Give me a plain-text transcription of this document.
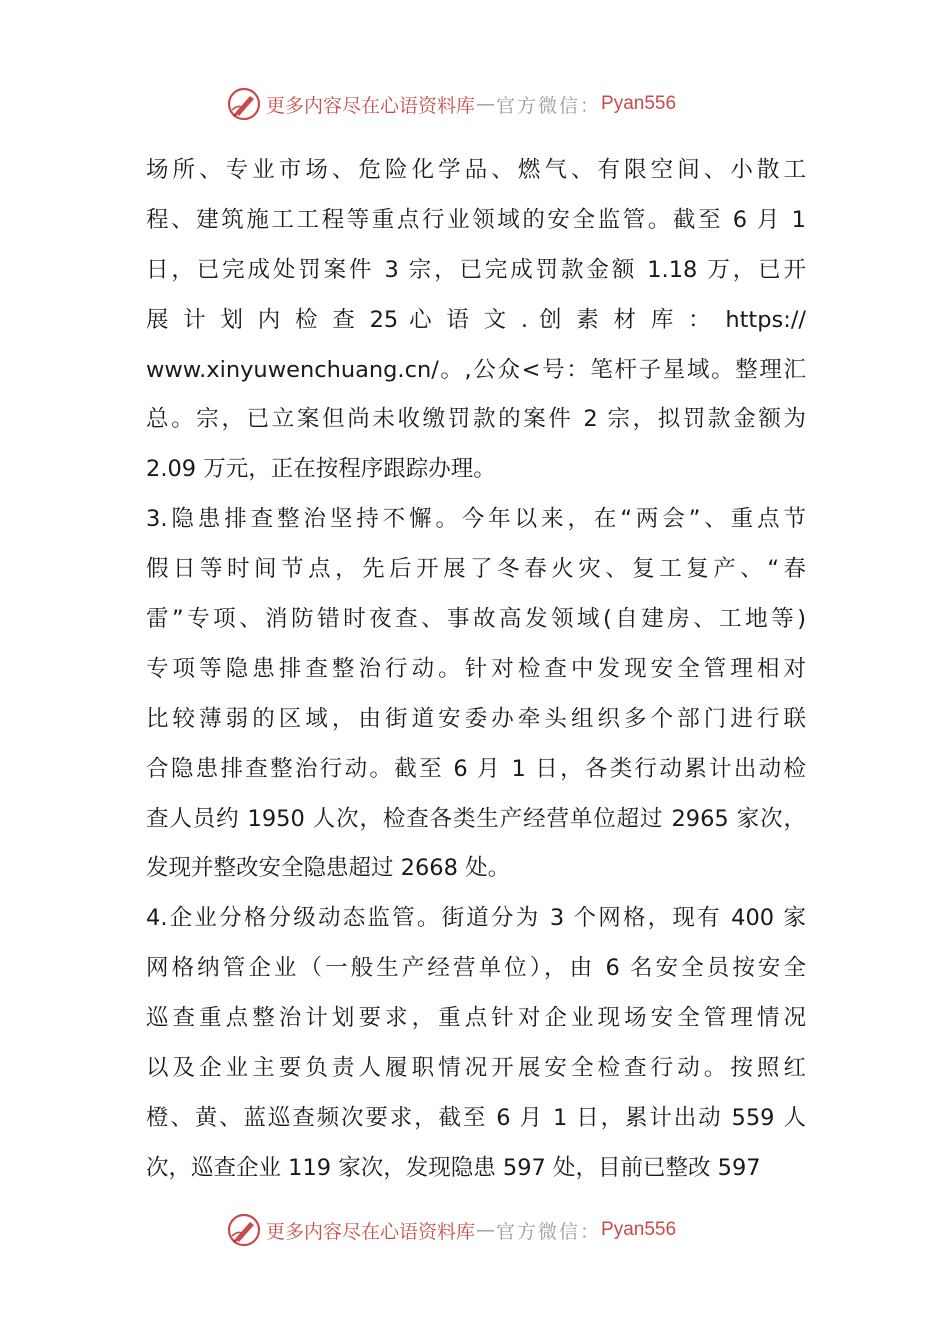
更多内容尽在心语资料库 — 官方微信： Pyan556
场所、专业市场、危险化学品、燃气、有限空间、小散工
程、建筑施工工程等重点行业领域的安全监管。截至 6 月 1
日，已完成处罚案件 3 宗，已完成罚款金额 1.18 万，已开
展 计 划 内 检 查 25 心 语 文 . 创 素 材 库 ： https://
www.xinyuwenchuang.cn/。,公众<号：笔杆子星域。整理汇
总。宗，已立案但尚未收缴罚款的案件 2 宗，拟罚款金额为
2.09 万元，正在按程序跟踪办理。
3.隐患排查整治坚持不懈。今年以来，在“两会”、重点节
假日等时间节点，先后开展了冬春火灾、复工复产、“春
雷”专项、消防错时夜查、事故高发领域(自建房、工地等)
专项等隐患排查整治行动。针对检查中发现安全管理相对
比较薄弱的区域，由街道安委办牵头组织多个部门进行联
合隐患排查整治行动。截至 6 月 1 日，各类行动累计出动检
查人员约 1950 人次，检查各类生产经营单位超过 2965 家次，
发现并整改安全隐患超过 2668 处。
4.企业分格分级动态监管。街道分为 3 个网格，现有 400 家
网格纳管企业（一般生产经营单位），由 6 名安全员按安全
巡查重点整治计划要求，重点针对企业现场安全管理情况
以及企业主要负责人履职情况开展安全检查行动。按照红
橙、黄、蓝巡查频次要求，截至 6 月 1 日，累计出动 559 人
次，巡查企业 119 家次，发现隐患 597 处，目前已整改 597
更多内容尽在心语资料库 — 官方微信： Pyan556
